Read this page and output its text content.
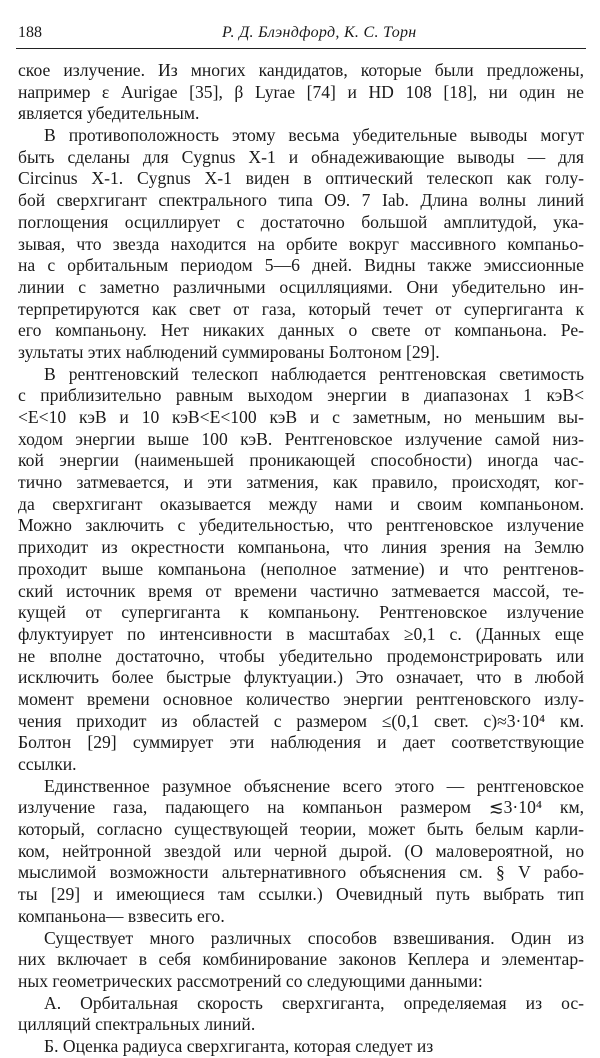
188	Р. Д. Блэндфорд, К. С. Торн
ское излучение. Из многих кандидатов, которые были предложены,
например ε Aurigae [35], β Lyrae [74] и HD 108 [18], ни один не
является убедительным.
В противоположность этому весьма убедительные выводы могут
быть сделаны для Cygnus X-1 и обнадеживающие выводы — для
Circinus X-1. Cygnus X-1 виден в оптический телескоп как голу-
бой сверхгигант спектрального типа О9. 7 Iab. Длина волны линий
поглощения осциллирует с достаточно большой амплитудой, ука-
зывая, что звезда находится на орбите вокруг массивного компаньо-
на с орбитальным периодом 5—6 дней. Видны также эмиссионные
линии с заметно различными осцилляциями. Они убедительно ин-
терпретируются как свет от газа, который течет от супергиганта к
его компаньону. Нет никаких данных о свете от компаньона. Ре-
зультаты этих наблюдений суммированы Болтоном [29].
В рентгеновский телескоп наблюдается рентгеновская светимость
с приблизительно равным выходом энергии в диапазонах 1 кэВ<
<E<10 кэВ и 10 кэВ<E<100 кэВ и с заметным, но меньшим вы-
ходом энергии выше 100 кэВ. Рентгеновское излучение самой низ-
кой энергии (наименьшей проникающей способности) иногда час-
тично затмевается, и эти затмения, как правило, происходят, ког-
да сверхгигант оказывается между нами и своим компаньоном.
Можно заключить с убедительностью, что рентгеновское излучение
приходит из окрестности компаньона, что линия зрения на Землю
проходит выше компаньона (неполное затмение) и что рентгенов-
ский источник время от времени частично затмевается массой, те-
кущей от супергиганта к компаньону. Рентгеновское излучение
флуктуирует по интенсивности в масштабах ≥0,1 с. (Данных еще
не вполне достаточно, чтобы убедительно продемонстрировать или
исключить более быстрые флуктуации.) Это означает, что в любой
момент времени основное количество энергии рентгеновского излу-
чения приходит из областей с размером ≤(0,1 свет. с)≈3·10⁴ км.
Болтон [29] суммирует эти наблюдения и дает соответствующие
ссылки.
Единственное разумное объяснение всего этого — рентгеновское
излучение газа, падающего на компаньон размером ≲3·10⁴ км,
который, согласно существующей теории, может быть белым карли-
ком, нейтронной звездой или черной дырой. (О маловероятной, но
мыслимой возможности альтернативного объяснения см. § V рабо-
ты [29] и имеющиеся там ссылки.) Очевидный путь выбрать тип
компаньона— взвесить его.
Существует много различных способов взвешивания. Один из
них включает в себя комбинирование законов Кеплера и элементар-
ных геометрических рассмотрений со следующими данными:
А. Орбитальная скорость сверхгиганта, определяемая из ос-
цилляций спектральных линий.
Б. Оценка радиуса сверхгиганта, которая следует из
